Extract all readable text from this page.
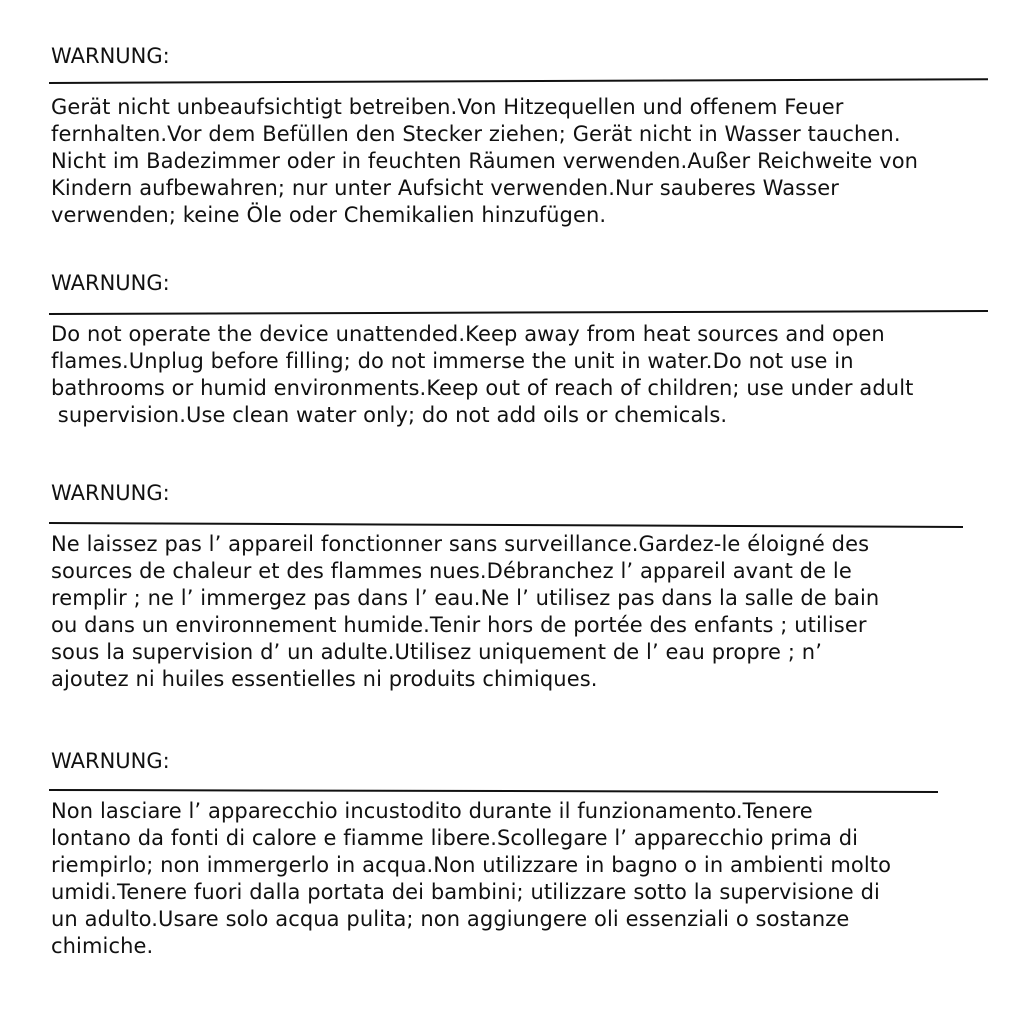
WARNUNG:

Gerät nicht unbeaufsichtigt betreiben.Von Hitzequellen und offenem Feuer
fernhalten.Vor dem Befüllen den Stecker ziehen; Gerät nicht in Wasser tauchen.
Nicht im Badezimmer oder in feuchten Räumen verwenden.Außer Reichweite von
Kindern aufbewahren; nur unter Aufsicht verwenden.Nur sauberes Wasser
verwenden; keine Öle oder Chemikalien hinzufügen.

WARNUNG:

Do not operate the device unattended.Keep away from heat sources and open
flames.Unplug before filling; do not immerse the unit in water.Do not use in
bathrooms or humid environments.Keep out of reach of children; use under adult
supervision.Use clean water only; do not add oils or chemicals.

WARNUNG:

Ne laissez pas l’ appareil fonctionner sans surveillance.Gardez-le éloigné des
sources de chaleur et des flammes nues.Débranchez l’ appareil avant de le
remplir ; ne l’ immergez pas dans l’ eau.Ne l’ utilisez pas dans la salle de bain
ou dans un environnement humide.Tenir hors de portée des enfants ; utiliser
sous la supervision d’ un adulte.Utilisez uniquement de l’ eau propre ; n’
ajoutez ni huiles essentielles ni produits chimiques.

WARNUNG:

Non lasciare l’ apparecchio incustodito durante il funzionamento.Tenere
lontano da fonti di calore e fiamme libere.Scollegare l’ apparecchio prima di
riempirlo; non immergerlo in acqua.Non utilizzare in bagno o in ambienti molto
umidi.Tenere fuori dalla portata dei bambini; utilizzare sotto la supervisione di
un adulto.Usare solo acqua pulita; non aggiungere oli essenziali o sostanze
chimiche.
